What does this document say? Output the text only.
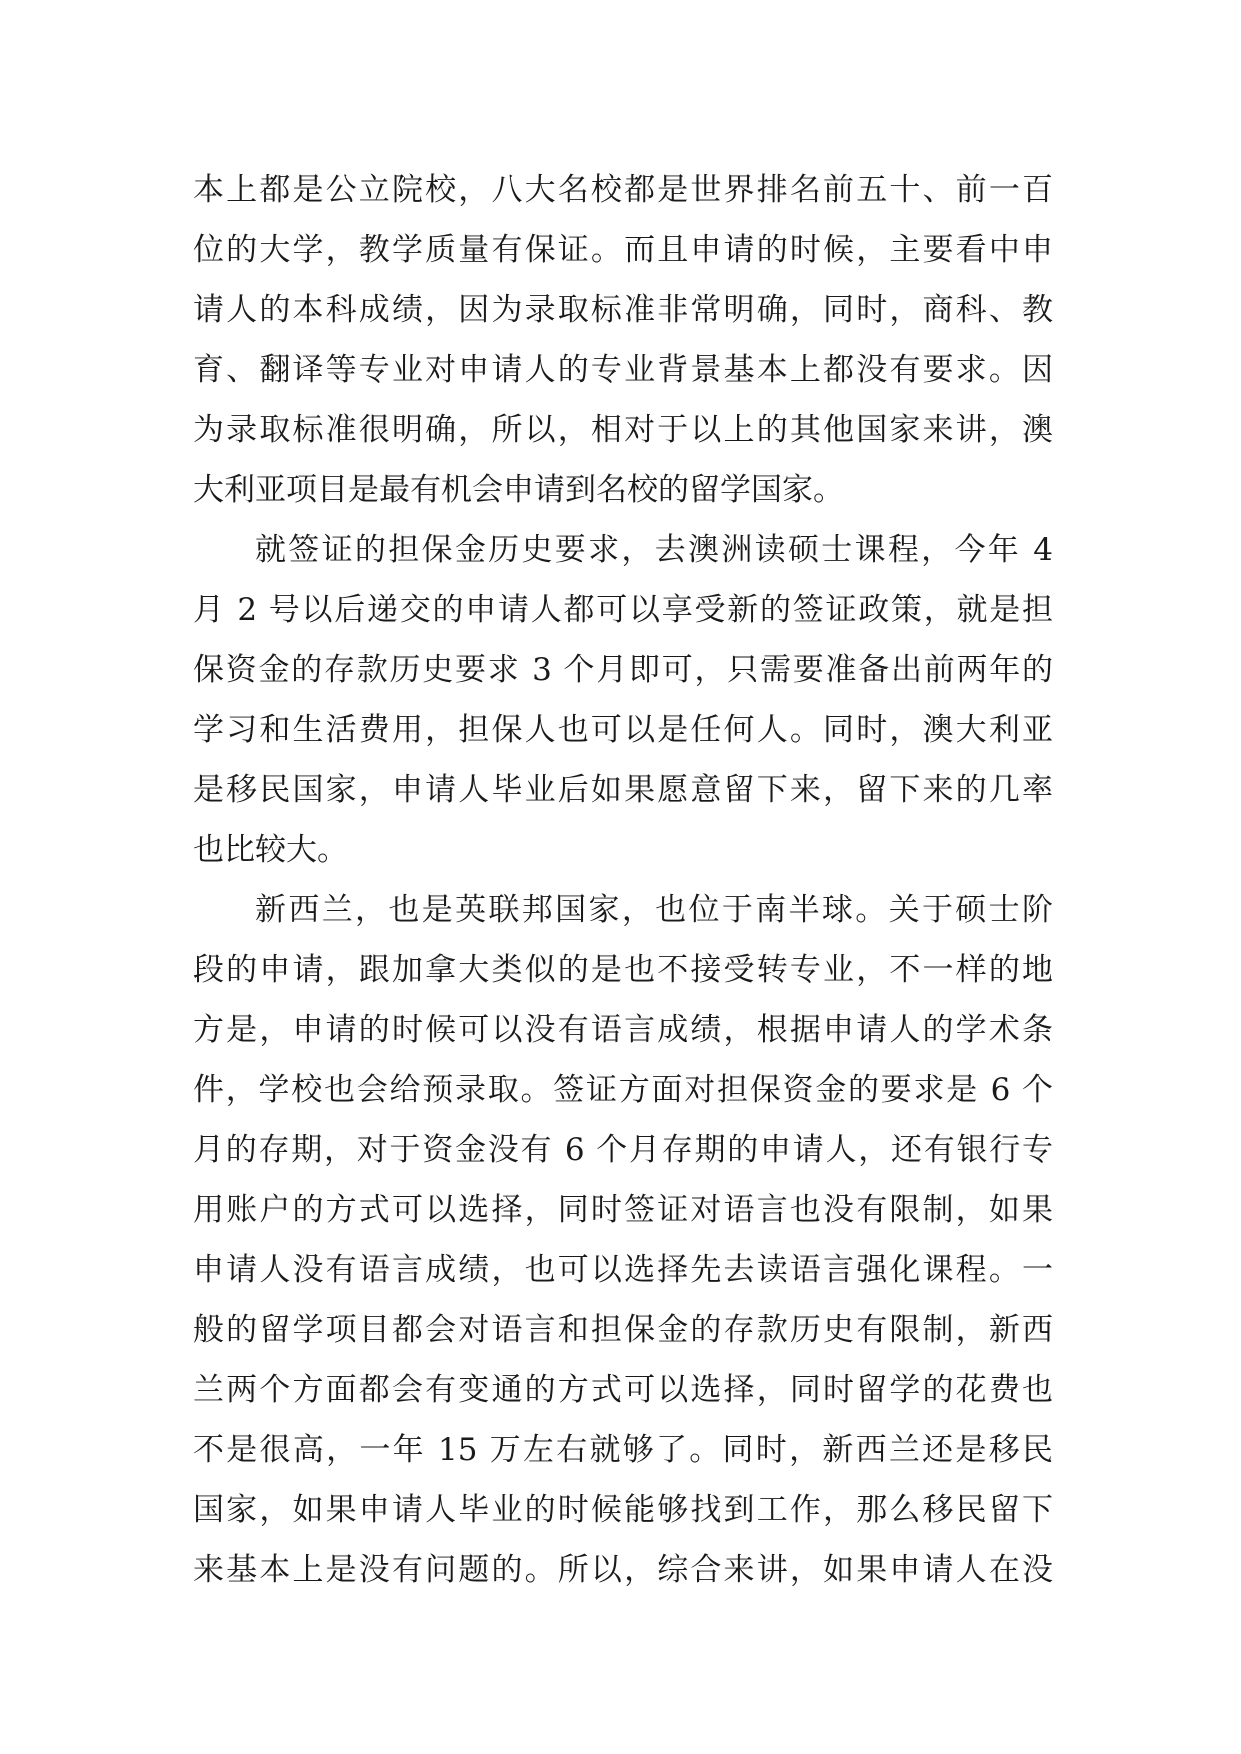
本上都是公立院校，八大名校都是世界排名前五十、前一百
位的大学，教学质量有保证。而且申请的时候，主要看中申
请人的本科成绩，因为录取标准非常明确，同时，商科、教
育、翻译等专业对申请人的专业背景基本上都没有要求。因
为录取标准很明确，所以，相对于以上的其他国家来讲，澳
大利亚项目是最有机会申请到名校的留学国家。
就签证的担保金历史要求，去澳洲读硕士课程，今年 4
月 2 号以后递交的申请人都可以享受新的签证政策，就是担
保资金的存款历史要求 3 个月即可，只需要准备出前两年的
学习和生活费用，担保人也可以是任何人。同时，澳大利亚
是移民国家，申请人毕业后如果愿意留下来，留下来的几率
也比较大。
新西兰，也是英联邦国家，也位于南半球。关于硕士阶
段的申请，跟加拿大类似的是也不接受转专业，不一样的地
方是，申请的时候可以没有语言成绩，根据申请人的学术条
件，学校也会给预录取。签证方面对担保资金的要求是 6 个
月的存期，对于资金没有 6 个月存期的申请人，还有银行专
用账户的方式可以选择，同时签证对语言也没有限制，如果
申请人没有语言成绩，也可以选择先去读语言强化课程。一
般的留学项目都会对语言和担保金的存款历史有限制，新西
兰两个方面都会有变通的方式可以选择，同时留学的花费也
不是很高，一年 15 万左右就够了。同时，新西兰还是移民
国家，如果申请人毕业的时候能够找到工作，那么移民留下
来基本上是没有问题的。所以，综合来讲，如果申请人在没
